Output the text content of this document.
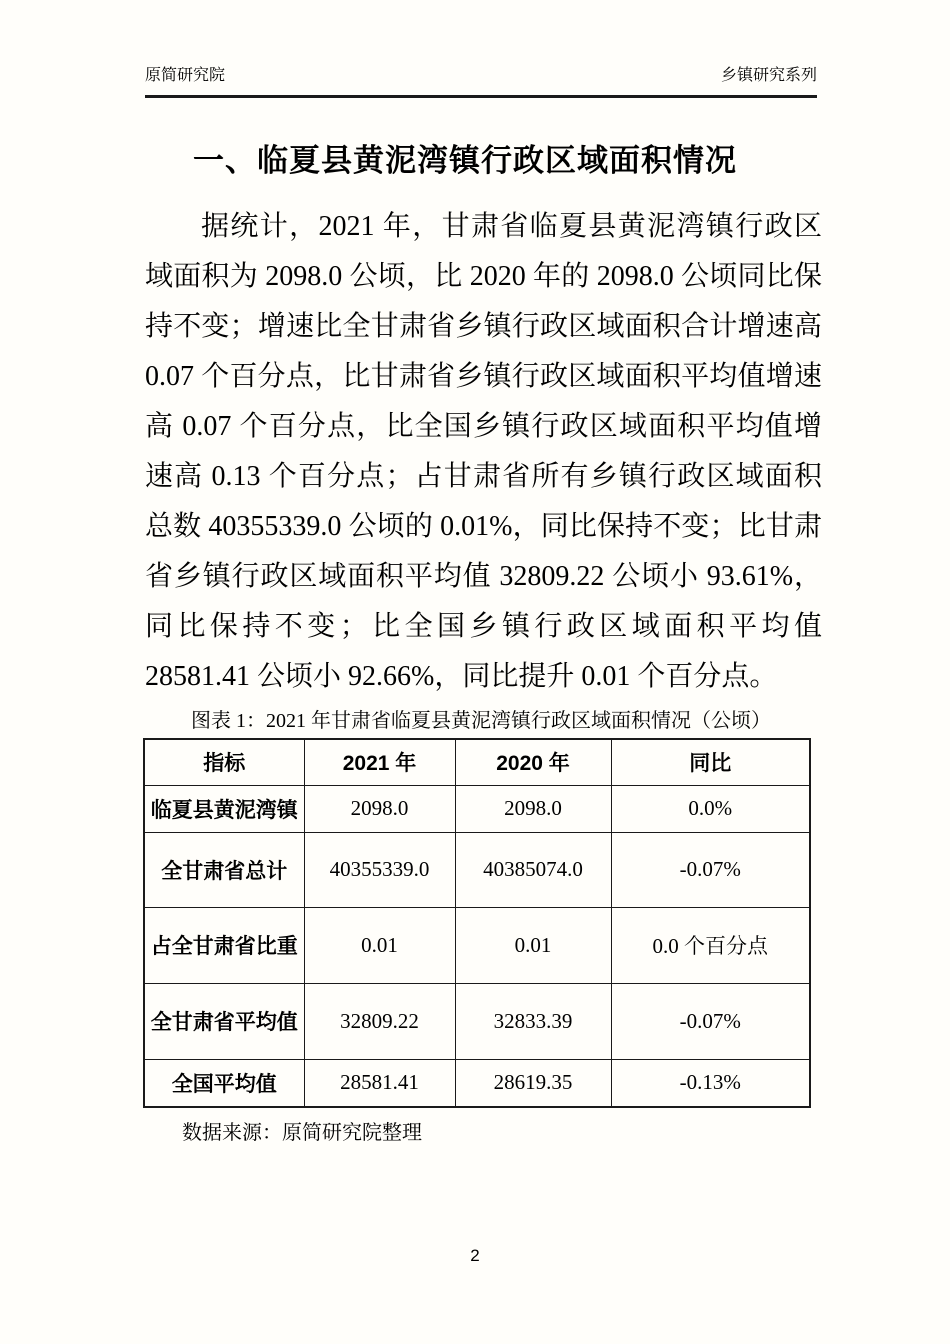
原简研究院	乡镇研究系列
一、临夏县黄泥湾镇行政区域面积情况

据统计，2021 年，甘肃省临夏县黄泥湾镇行政区域面积为 2098.0 公顷，比 2020 年的 2098.0 公顷同比保持不变；增速比全甘肃省乡镇行政区域面积合计增速高 0.07 个百分点，比甘肃省乡镇行政区域面积平均值增速高 0.07 个百分点，比全国乡镇行政区域面积平均值增速高 0.13 个百分点；占甘肃省所有乡镇行政区域面积总数 40355339.0 公顷的 0.01%，同比保持不变；比甘肃省乡镇行政区域面积平均值 32809.22 公顷小 93.61%，同比保持不变；比全国乡镇行政区域面积平均值 28581.41 公顷小 92.66%，同比提升 0.01 个百分点。

图表 1：2021 年甘肃省临夏县黄泥湾镇行政区域面积情况（公顷）
指标	2021 年	2020 年	同比
临夏县黄泥湾镇	2098.0	2098.0	0.0%
全甘肃省总计	40355339.0	40385074.0	-0.07%
占全甘肃省比重	0.01	0.01	0.0 个百分点
全甘肃省平均值	32809.22	32833.39	-0.07%
全国平均值	28581.41	28619.35	-0.13%
数据来源：原简研究院整理
2
